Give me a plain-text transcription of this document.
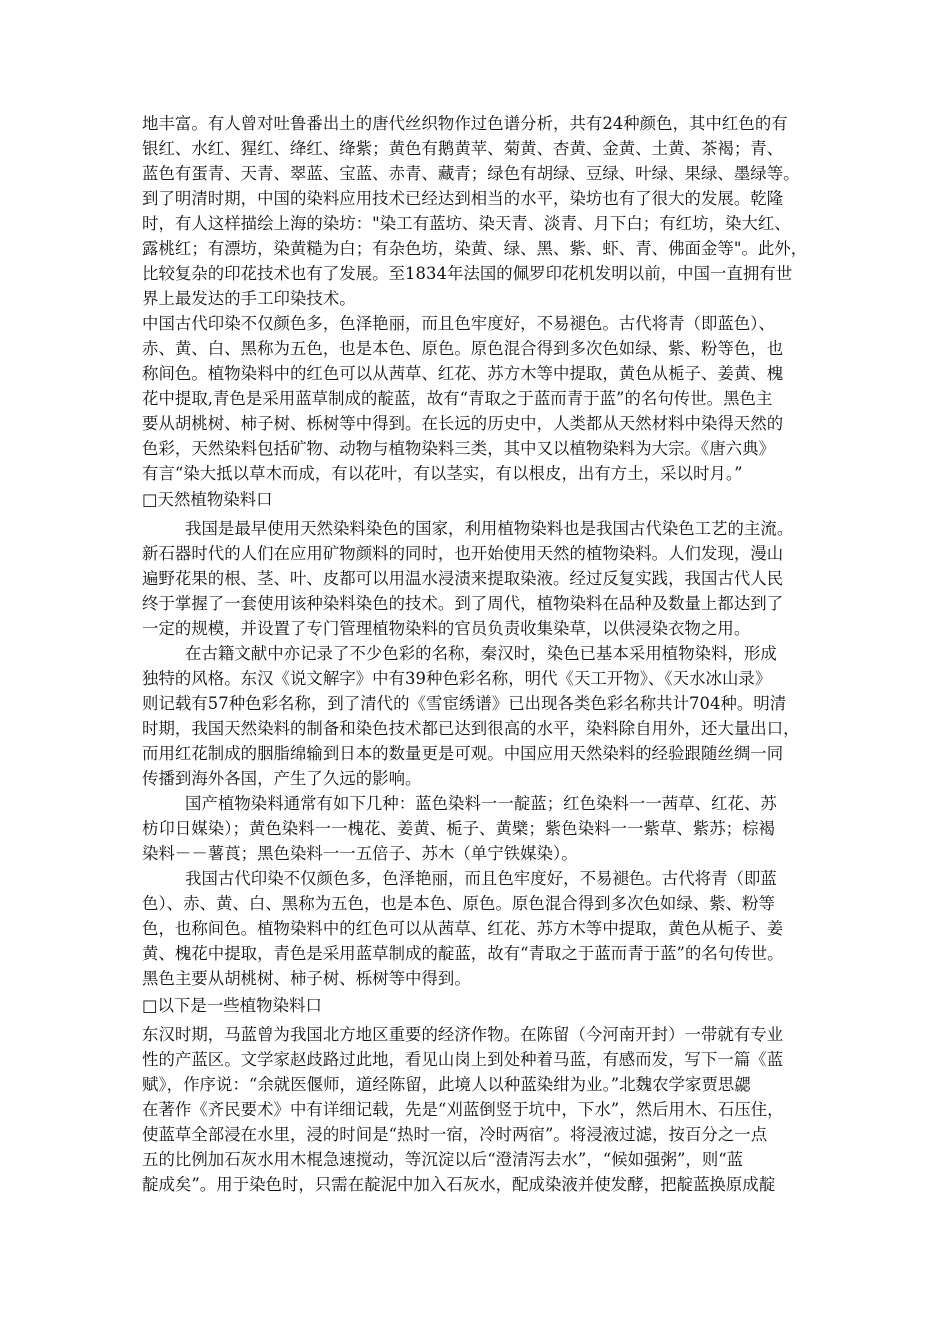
地丰富。有人曾对吐鲁番出土的唐代丝织物作过色谱分析，共有24种颜色，其中红色的有
银红、水红、猩红、绛红、绛紫；黄色有鹅黄苹、菊黄、杏黄、金黄、土黄、茶褐；青、
蓝色有蛋青、天青、翠蓝、宝蓝、赤青、藏青；绿色有胡绿、豆绿、叶绿、果绿、墨绿等。
到了明清时期，中国的染料应用技术已经达到相当的水平，染坊也有了很大的发展。乾隆
时，有人这样描绘上海的染坊："染工有蓝坊、染天青、淡青、月下白；有红坊，染大红、
露桃红；有漂坊，染黄糙为白；有杂色坊，染黄、绿、黑、紫、虾、青、佛面金等"。此外，
比较复杂的印花技术也有了发展。至1834年法国的佩罗印花机发明以前，中国一直拥有世
界上最发达的手工印染技术。
中国古代印染不仅颜色多，色泽艳丽，而且色牢度好，不易褪色。古代将青（即蓝色）、
赤、黄、白、黑称为五色，也是本色、原色。原色混合得到多次色如绿、紫、粉等色，也
称间色。植物染料中的红色可以从茜草、红花、苏方木等中提取，黄色从栀子、姜黄、槐
花中提取,青色是采用蓝草制成的靛蓝，故有“青取之于蓝而青于蓝”的名句传世。黑色主
要从胡桃树、柿子树、栎树等中得到。在长远的历史中，人类都从天然材料中染得天然的
色彩，天然染料包括矿物、动物与植物染料三类，其中又以植物染料为大宗。《唐六典》
有言“染大抵以草木而成，有以花叶，有以茎实，有以根皮，出有方土，采以时月。”
□天然植物染料口
我国是最早使用天然染料染色的国家，利用植物染料也是我国古代染色工艺的主流。
新石器时代的人们在应用矿物颜料的同时，也开始使用天然的植物染料。人们发现，漫山
遍野花果的根、茎、叶、皮都可以用温水浸渍来提取染液。经过反复实践，我国古代人民
终于掌握了一套使用该种染料染色的技术。到了周代，植物染料在品种及数量上都达到了
一定的规模，并设置了专门管理植物染料的官员负责收集染草，以供浸染衣物之用。
在古籍文献中亦记录了不少色彩的名称，秦汉时，染色已基本采用植物染料，形成
独特的风格。东汉《说文解字》中有39种色彩名称，明代《天工开物》、《天水冰山录》
则记载有57种色彩名称，到了清代的《雪宦绣谱》已出现各类色彩名称共计704种。明清
时期，我国天然染料的制备和染色技术都已达到很高的水平，染料除自用外，还大量出口，
而用红花制成的胭脂绵输到日本的数量更是可观。中国应用天然染料的经验跟随丝绸一同
传播到海外各国，产生了久远的影响。
国产植物染料通常有如下几种：蓝色染料一一靛蓝；红色染料一一茜草、红花、苏
枋卬日媒染）；黄色染料一一槐花、姜黄、栀子、黄檗；紫色染料一一紫草、紫苏；棕褐
染料－－薯莨；黑色染料一一五倍子、苏木（单宁铁媒染）。
我国古代印染不仅颜色多，色泽艳丽，而且色牢度好，不易褪色。古代将青（即蓝
色）、赤、黄、白、黑称为五色，也是本色、原色。原色混合得到多次色如绿、紫、粉等
色，也称间色。植物染料中的红色可以从茜草、红花、苏方木等中提取，黄色从栀子、姜
黄、槐花中提取，青色是采用蓝草制成的靛蓝，故有“青取之于蓝而青于蓝”的名句传世。
黑色主要从胡桃树、柿子树、栎树等中得到。
□以下是一些植物染料口
东汉时期，马蓝曾为我国北方地区重要的经济作物。在陈留（今河南开封）一带就有专业
性的产蓝区。文学家赵歧路过此地，看见山岗上到处种着马蓝，有感而发，写下一篇《蓝
赋》，作序说：“余就医偃师，道经陈留，此境人以种蓝染绀为业。”北魏农学家贾思勰
在著作《齐民要术》中有详细记载，先是“刈蓝倒竖于坑中，下水”，然后用木、石压住，
使蓝草全部浸在水里，浸的时间是“热时一宿，冷时两宿”。将浸液过滤，按百分之一点
五的比例加石灰水用木棍急速搅动，等沉淀以后“澄清泻去水”，“候如强粥”，则“蓝
靛成矣”。用于染色时，只需在靛泥中加入石灰水，配成染液并使发酵，把靛蓝换原成靛
